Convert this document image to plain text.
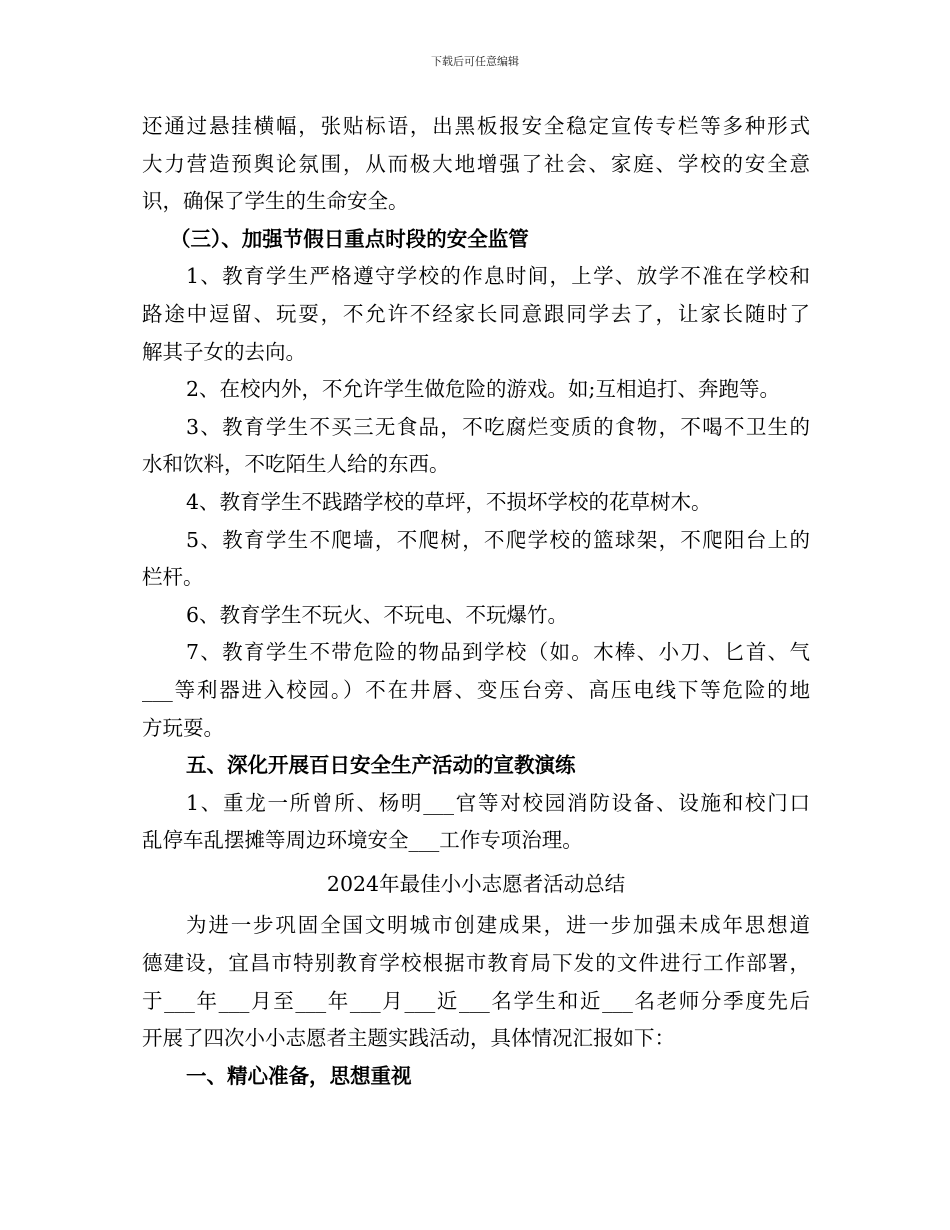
下载后可任意编辑
还通过悬挂横幅，张贴标语，出黑板报安全稳定宣传专栏等多种形式
大力营造预舆论氛围，从而极大地增强了社会、家庭、学校的安全意
识，确保了学生的生命安全。
（三）、加强节假日重点时段的安全监管
1、教育学生严格遵守学校的作息时间，上学、放学不准在学校和
路途中逗留、玩耍，不允许不经家长同意跟同学去了，让家长随时了
解其子女的去向。
2、在校内外，不允许学生做危险的游戏。如;互相追打、奔跑等。
3、教育学生不买三无食品，不吃腐烂变质的食物，不喝不卫生的
水和饮料，不吃陌生人给的东西。
4、教育学生不践踏学校的草坪，不损坏学校的花草树木。
5、教育学生不爬墙，不爬树，不爬学校的篮球架，不爬阳台上的
栏杆。
6、教育学生不玩火、不玩电、不玩爆竹。
7、教育学生不带危险的物品到学校（如。木棒、小刀、匕首、气
___等利器进入校园。）不在井唇、变压台旁、高压电线下等危险的地
方玩耍。
五、深化开展百日安全生产活动的宣教演练
1、重龙一所曾所、杨明___官等对校园消防设备、设施和校门口
乱停车乱摆摊等周边环境安全___工作专项治理。
2024年最佳小小志愿者活动总结
为进一步巩固全国文明城市创建成果，进一步加强未成年思想道
德建设，宜昌市特别教育学校根据市教育局下发的文件进行工作部署，
于___年___月至___年___月___近___名学生和近___名老师分季度先后
开展了四次小小志愿者主题实践活动，具体情况汇报如下：
一、精心准备，思想重视
